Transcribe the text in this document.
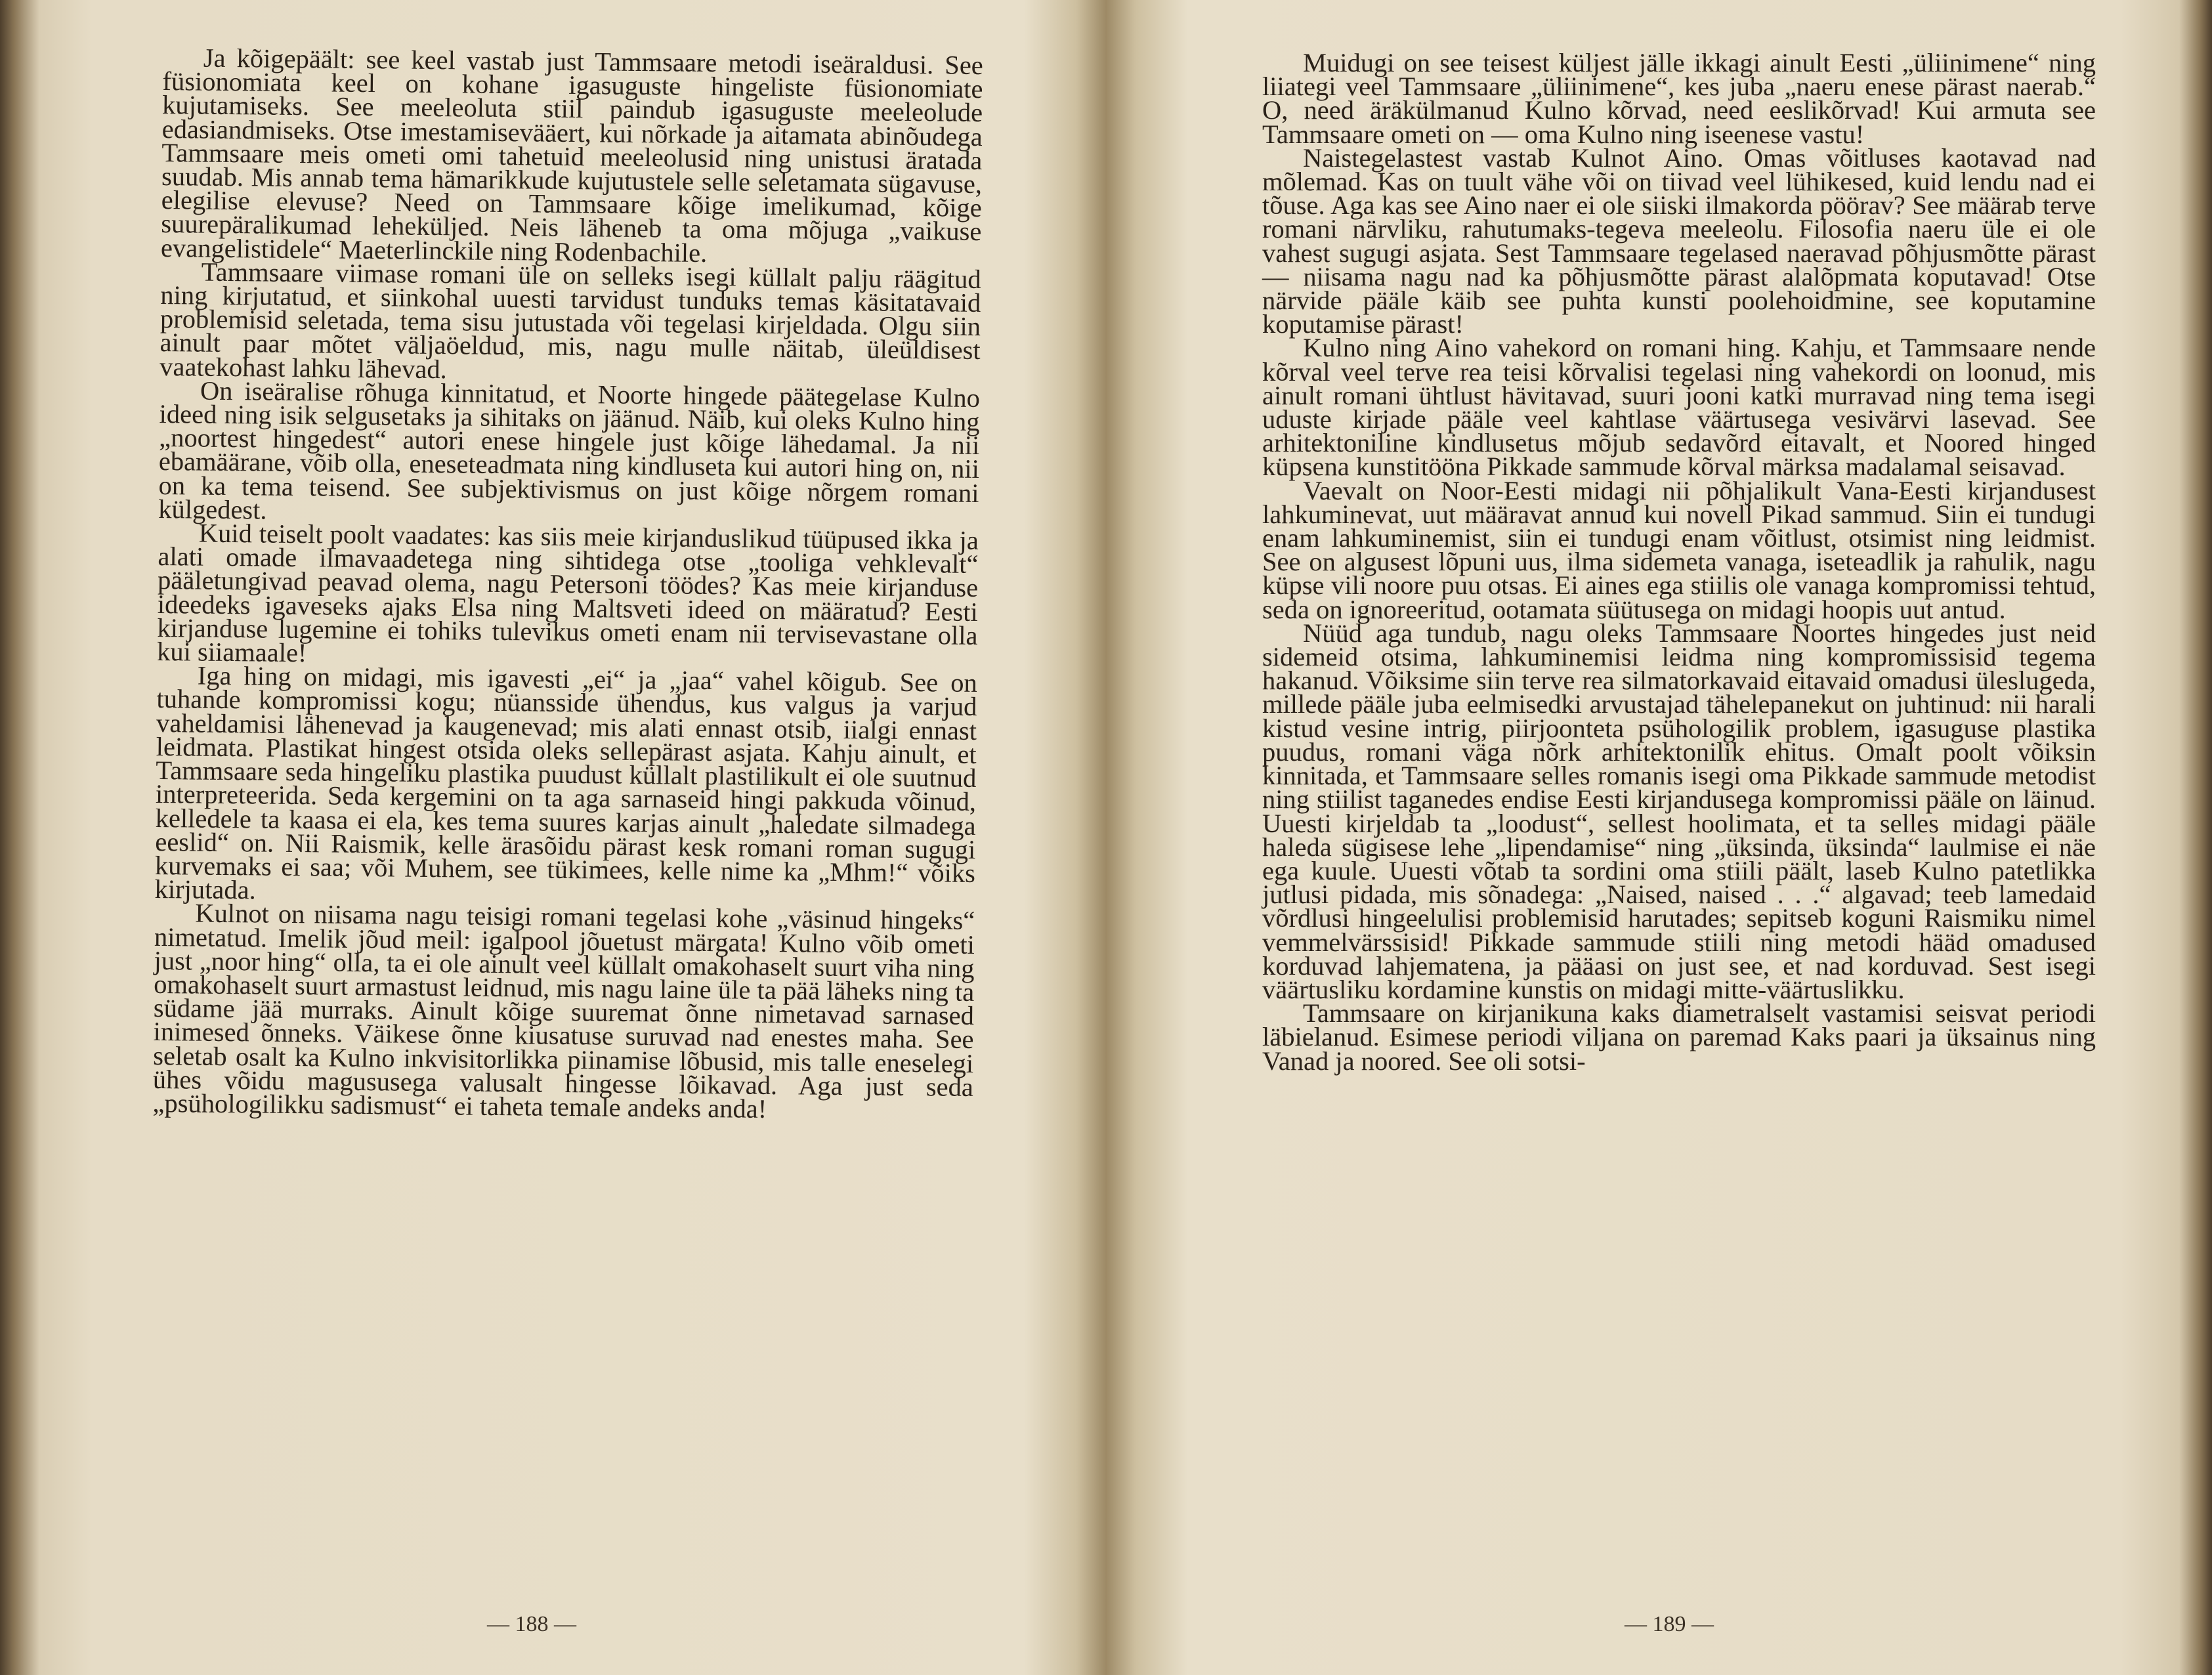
Ja kõigepäält: see keel vastab just Tammsaare metodi iseäraldusi. See füsionomiata keel on kohane igasuguste hingeliste füsionomiate kujutamiseks. See meeleoluta stiil paindub igasuguste meeleolude edasiandmiseks. Otse imestamisevääert, kui nõrkade ja aitamata abinõudega Tammsaare meis ometi omi tahetuid meeleolusid ning unistusi äratada suudab. Mis annab tema hämarikkude kujutustele selle seletamata sügavuse, elegilise elevuse? Need on Tammsaare kõige imelikumad, kõige suurepäralikumad leheküljed. Neis läheneb ta oma mõjuga „vaikuse evangelistidele“ Maeterlinckile ning Rodenbachile.

Tammsaare viimase romani üle on selleks isegi küllalt palju räägitud ning kirjutatud, et siinkohal uuesti tarvidust tunduks temas käsitatavaid problemisid seletada, tema sisu jutustada või tegelasi kirjeldada. Olgu siin ainult paar mõtet väljaöeldud, mis, nagu mulle näitab, üleüldisest vaatekohast lahku lähevad.

On iseäralise rõhuga kinnitatud, et Noorte hingede päätegelase Kulno ideed ning isik selgusetaks ja sihitaks on jäänud. Näib, kui oleks Kulno hing „noortest hingedest“ autori enese hingele just kõige lähedamal. Ja nii ebamäärane, võib olla, eneseteadmata ning kindluseta kui autori hing on, nii on ka tema teisend. See subjektivismus on just kõige nõrgem romani külgedest.

Kuid teiselt poolt vaadates: kas siis meie kirjanduslikud tüüpused ikka ja alati omade ilmavaadetega ning sihtidega otse „tooliga vehklevalt“ pääletungivad peavad olema, nagu Petersoni töödes? Kas meie kirjanduse ideedeks igaveseks ajaks Elsa ning Maltsveti ideed on määratud? Eesti kirjanduse lugemine ei tohiks tulevikus ometi enam nii tervisevastane olla kui siiamaale!

Iga hing on midagi, mis igavesti „ei“ ja „jaa“ vahel kõigub. See on tuhande kompromissi kogu; nüansside ühendus, kus valgus ja varjud vaheldamisi lähenevad ja kaugenevad; mis alati ennast otsib, iialgi ennast leidmata. Plastikat hingest otsida oleks sellepärast asjata. Kahju ainult, et Tammsaare seda hingeliku plastika puudust küllalt plastilikult ei ole suutnud interpreteerida. Seda kergemini on ta aga sarnaseid hingi pakkuda võinud, kelledele ta kaasa ei ela, kes tema suures karjas ainult „haledate silmadega eeslid“ on. Nii Raismik, kelle ärasõidu pärast kesk romani roman sugugi kurvemaks ei saa; või Muhem, see tükimees, kelle nime ka „Mhm!“ võiks kirjutada.

Kulnot on niisama nagu teisigi romani tegelasi kohe „väsinud hingeks“ nimetatud. Imelik jõud meil: igalpool jõuetust märgata! Kulno võib ometi just „noor hing“ olla, ta ei ole ainult veel küllalt omakohaselt suurt viha ning omakohaselt suurt armastust leidnud, mis nagu laine üle ta pää läheks ning ta südame jää murraks. Ainult kõige suuremat õnne nimetavad sarnased inimesed õnneks. Väikese õnne kiusatuse suruvad nad enestes maha. See seletab osalt ka Kulno inkvisitorlikka piinamise lõbusid, mis talle eneselegi ühes võidu magususega valusalt hingesse lõikavad. Aga just seda „psühologilikku sadismust“ ei taheta temale andeks anda!

— 188 —

Muidugi on see teisest küljest jälle ikkagi ainult Eesti „üliinimene“ ning liiategi veel Tammsaare „üliinimene“, kes juba „naeru enese pärast naerab.“ O, need äräkülmanud Kulno kõrvad, need eeslikõrvad! Kui armuta see Tammsaare ometi on — oma Kulno ning iseenese vastu!

Naistegelastest vastab Kulnot Aino. Omas võitluses kaotavad nad mõlemad. Kas on tuult vähe või on tiivad veel lühikesed, kuid lendu nad ei tõuse. Aga kas see Aino naer ei ole siiski ilmakorda pöörav? See määrab terve romani närvliku, rahutumaks-tegeva meeleolu. Filosofia naeru üle ei ole vahest sugugi asjata. Sest Tammsaare tegelased naeravad põhjusmõtte pärast — niisama nagu nad ka põhjusmõtte pärast alalõpmata koputavad! Otse närvide pääle käib see puhta kunsti poolehoidmine, see koputamine koputamise pärast!

Kulno ning Aino vahekord on romani hing. Kahju, et Tammsaare nende kõrval veel terve rea teisi kõrvalisi tegelasi ning vahekordi on loonud, mis ainult romani ühtlust hävitavad, suuri jooni katki murravad ning tema isegi uduste kirjade pääle veel kahtlase väärtusega vesivärvi lasevad. See arhitektoniline kindlusetus mõjub sedavõrd eitavalt, et Noored hinged küpsena kunstitööna Pikkade sammude kõrval märksa madalamal seisavad.

Vaevalt on Noor-Eesti midagi nii põhjalikult Vana-Eesti kirjandusest lahkuminevat, uut määravat annud kui novell Pikad sammud. Siin ei tundugi enam lahkuminemist, siin ei tundugi enam võitlust, otsimist ning leidmist. See on algusest lõpuni uus, ilma sidemeta vanaga, iseteadlik ja rahulik, nagu küpse vili noore puu otsas. Ei aines ega stiilis ole vanaga kompromissi tehtud, seda on ignoreeritud, ootamata süütusega on midagi hoopis uut antud.

Nüüd aga tundub, nagu oleks Tammsaare Noortes hingedes just neid sidemeid otsima, lahkuminemisi leidma ning kompromissisid tegema hakanud. Võiksime siin terve rea silmatorkavaid eitavaid omadusi üleslugeda, millede pääle juba eelmisedki arvustajad tähelepanekut on juhtinud: nii harali kistud vesine intrig, piirjoonteta psühologilik problem, igasuguse plastika puudus, romani väga nõrk arhitektonilik ehitus. Omalt poolt võiksin kinnitada, et Tammsaare selles romanis isegi oma Pikkade sammude metodist ning stiilist taganedes endise Eesti kirjandusega kompromissi pääle on läinud. Uuesti kirjeldab ta „loodust“, sellest hoolimata, et ta selles midagi pääle haleda sügisese lehe „lipendamise“ ning „üksinda, üksinda“ laulmise ei näe ega kuule. Uuesti võtab ta sordini oma stiili päält, laseb Kulno patetlikka jutlusi pidada, mis sõnadega: „Naised, naised . . .“ algavad; teeb lamedaid võrdlusi hingeelulisi problemisid harutades; sepitseb koguni Raismiku nimel vemmelvärssisid! Pikkade sammude stiili ning metodi hääd omadused korduvad lahjematena, ja pääasi on just see, et nad korduvad. Sest isegi väärtusliku kordamine kunstis on midagi mitte-väärtuslikku.

Tammsaare on kirjanikuna kaks diametralselt vastamisi seisvat periodi läbielanud. Esimese periodi viljana on paremad Kaks paari ja üksainus ning Vanad ja noored. See oli sotsi-

— 189 —
